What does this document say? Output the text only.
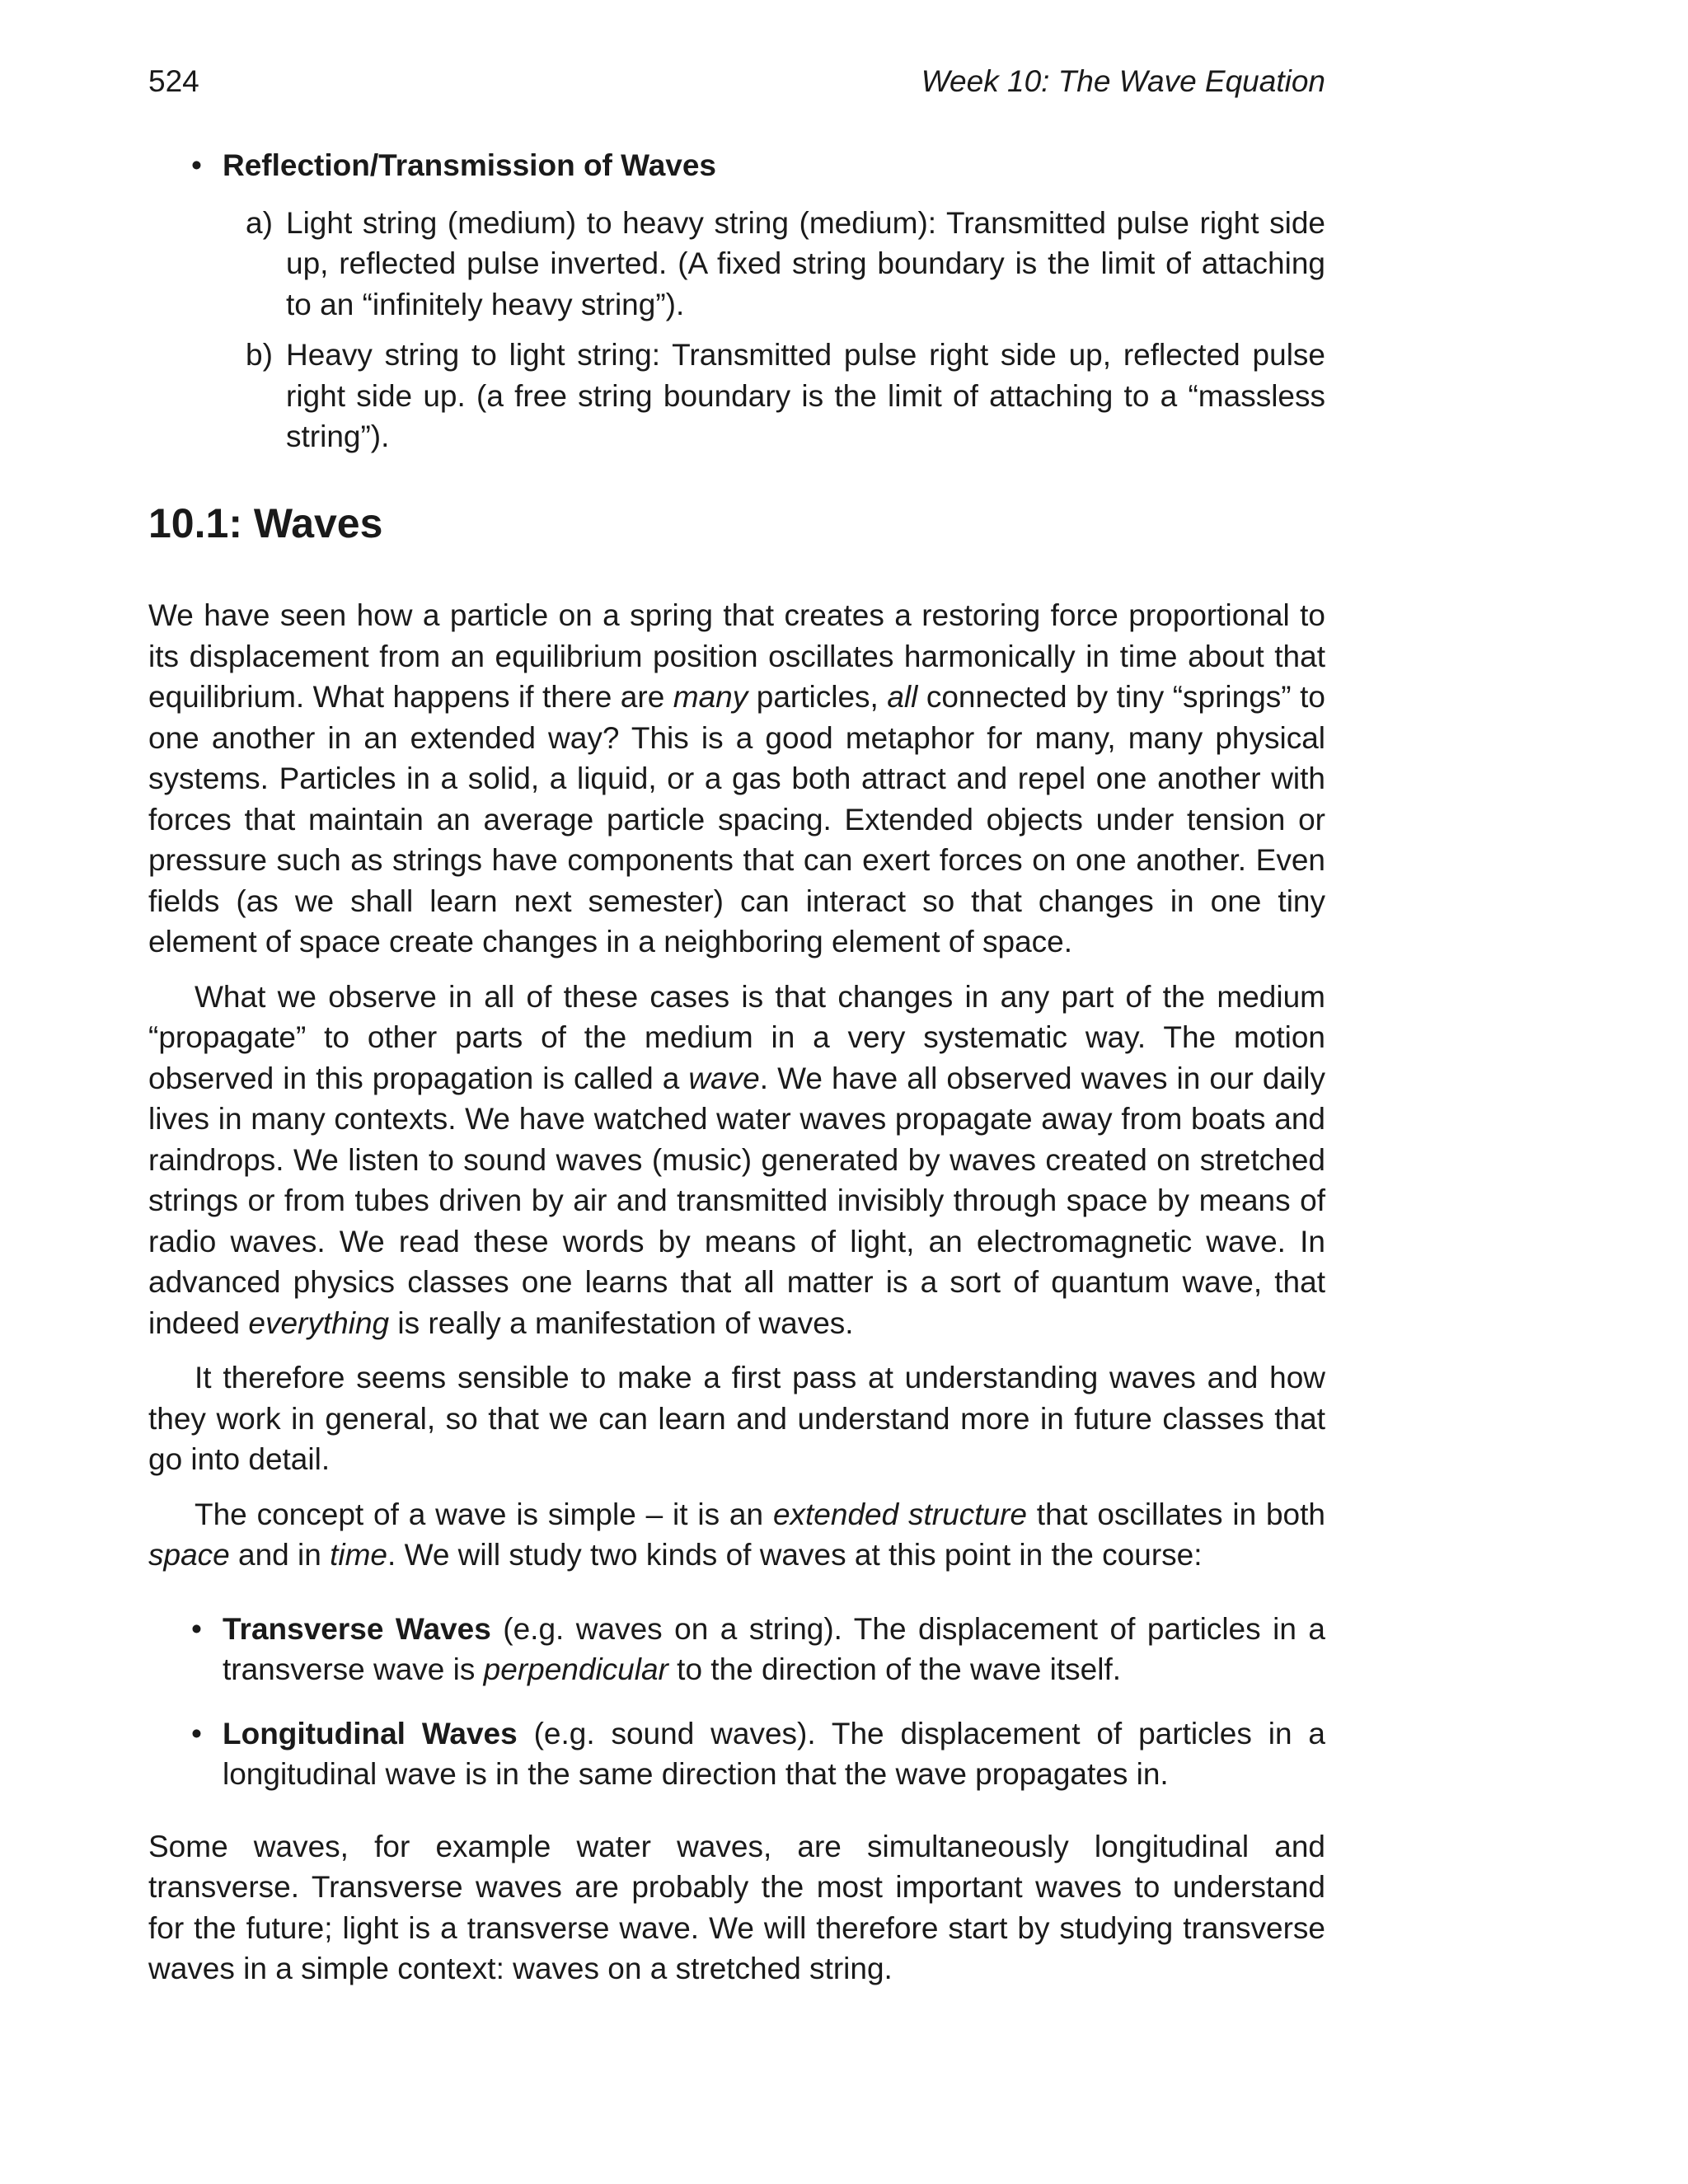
524	Week 10: The Wave Equation
• Reflection/Transmission of Waves
a) Light string (medium) to heavy string (medium): Transmitted pulse right side up, reflected pulse inverted. (A fixed string boundary is the limit of attaching to an “infinitely heavy string”).
b) Heavy string to light string: Transmitted pulse right side up, reflected pulse right side up. (a free string boundary is the limit of attaching to a “massless string”).
10.1: Waves

We have seen how a particle on a spring that creates a restoring force proportional to its displacement from an equilibrium position oscillates harmonically in time about that equilibrium. What happens if there are many particles, all connected by tiny “springs” to one another in an extended way? This is a good metaphor for many, many physical systems. Particles in a solid, a liquid, or a gas both attract and repel one another with forces that maintain an average particle spacing. Extended objects under tension or pressure such as strings have components that can exert forces on one another. Even fields (as we shall learn next semester) can interact so that changes in one tiny element of space create changes in a neighboring element of space.

What we observe in all of these cases is that changes in any part of the medium “propagate” to other parts of the medium in a very systematic way. The motion observed in this propagation is called a wave. We have all observed waves in our daily lives in many contexts. We have watched water waves propagate away from boats and raindrops. We listen to sound waves (music) generated by waves created on stretched strings or from tubes driven by air and transmitted invisibly through space by means of radio waves. We read these words by means of light, an electromagnetic wave. In advanced physics classes one learns that all matter is a sort of quantum wave, that indeed everything is really a manifestation of waves.

It therefore seems sensible to make a first pass at understanding waves and how they work in general, so that we can learn and understand more in future classes that go into detail.

The concept of a wave is simple – it is an extended structure that oscillates in both space and in time. We will study two kinds of waves at this point in the course:

• Transverse Waves (e.g. waves on a string). The displacement of particles in a transverse wave is perpendicular to the direction of the wave itself.
• Longitudinal Waves (e.g. sound waves). The displacement of particles in a longitudinal wave is in the same direction that the wave propagates in.

Some waves, for example water waves, are simultaneously longitudinal and transverse. Transverse waves are probably the most important waves to understand for the future; light is a transverse wave. We will therefore start by studying transverse waves in a simple context: waves on a stretched string.
